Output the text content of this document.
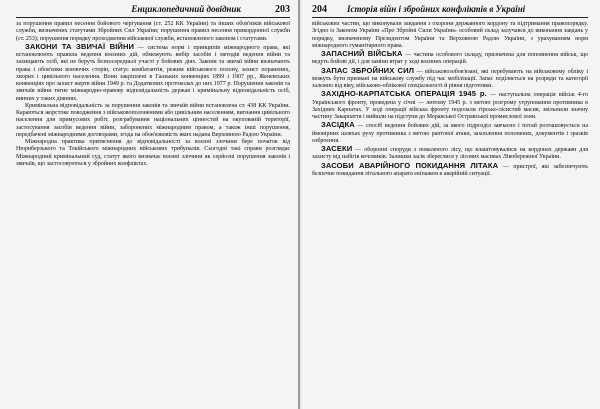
Енциклопедичний довідник	203

за порушення правил несення бойового чергування (ст. 252 КК України) та інших обов'язків військової служби, визначених статутами Збройних Сил України; порушення правил несення прикордонної служби (ст. 253); порушення порядку проходження військової служби, встановленого законом і статутами.

ЗАКОНИ ТА ЗВИЧАЇ ВІЙНИ — система норм і принципів міжнародного права, які встановлюють правила ведення воєнних дій, обмежують вибір засобів і методів ведення війни та захищають осіб, які не беруть безпосередньої участі у бойових діях. Закони та звичаї війни визначають права і обов'язки воюючих сторін, статус комбатантів, режим військового полону, захист поранених, хворих і цивільного населення. Вони закріплені в Гаазьких конвенціях 1899 і 1907 рр., Женевських конвенціях про захист жертв війни 1949 р. та Додаткових протоколах до них 1977 р. Порушення законів та звичаїв війни тягне міжнародно-правову відповідальність держав і кримінальну відповідальність осіб, винних у таких діяннях.

Кримінальна відповідальність за порушення законів та звичаїв війни встановлена ст. 438 КК України. Караються жорстоке поводження з військовополоненими або цивільним населенням, вигнання цивільного населення для примусових робіт, розграбування національних цінностей на окупованій території, застосування засобів ведення війни, заборонених міжнародним правом, а також інші порушення, передбачені міжнародними договорами, згода на обов'язковість яких надана Верховною Радою України.

Міжнародна практика притягнення до відповідальності за воєнні злочини бере початок від Нюрнберзького та Токійського міжнародних військових трибуналів. Сьогодні такі справи розглядає Міжнародний кримінальний суд, статут якого визначає воєнні злочини як серйозні порушення законів і звичаїв, що застосовуються у збройних конфліктах.

204	Історія війн і збройних конфліктів в Україні

військових частин, що виконували завдання з охорони державного кордону та підтримання правопорядку. Згідно із Законом України «Про Збройні Сили України» особовий склад залучався до виконання завдань у порядку, визначеному Президентом України та Верховною Радою України, з урахуванням норм міжнародного гуманітарного права.

ЗАПАСНИЙ ВІЙСЬКА — частина особового складу, призначена для поповнення військ, що ведуть бойові дії, і для заміни втрат у ході воєнних операцій.

ЗАПАС ЗБРОЙНИХ СИЛ — військовозобов'язані, які перебувають на військовому обліку і можуть бути призвані на військову службу під час мобілізації. Запас поділяється на розряди та категорії залежно від віку, військово-облікової спеціальності й рівня підготовки.

ЗАХІДНО-КАРПАТСЬКА ОПЕРАЦІЯ 1945 р. — наступальна операція військ 4-го Українського фронту, проведена у січні — лютому 1945 р. з метою розгрому угруповання противника в Західних Карпатах. У ході операції війська фронту подолали гірсько-лісистий масив, звільнили значну частину Закарпаття і вийшли на підступи до Моравської Остравської промислової зони.

ЗАСІДКА — спосіб ведення бойових дій, за якого підрозділ завчасно і потай розташовується на ймовірних шляхах руху противника з метою раптової атаки, захоплення полонених, документів і зразків озброєння.

ЗАСЕКИ — оборонні споруди з поваленого лісу, що влаштовувалися на кордонах держави для захисту від набігів кочовиків. Залишки засік збереглися у лісових масивах Лівобережної України.

ЗАСОБИ АВАРІЙНОГО ПОКИДАННЯ ЛІТАКА — пристрої, які забезпечують безпечне покидання літального апарата екіпажем в аварійній ситуації.
